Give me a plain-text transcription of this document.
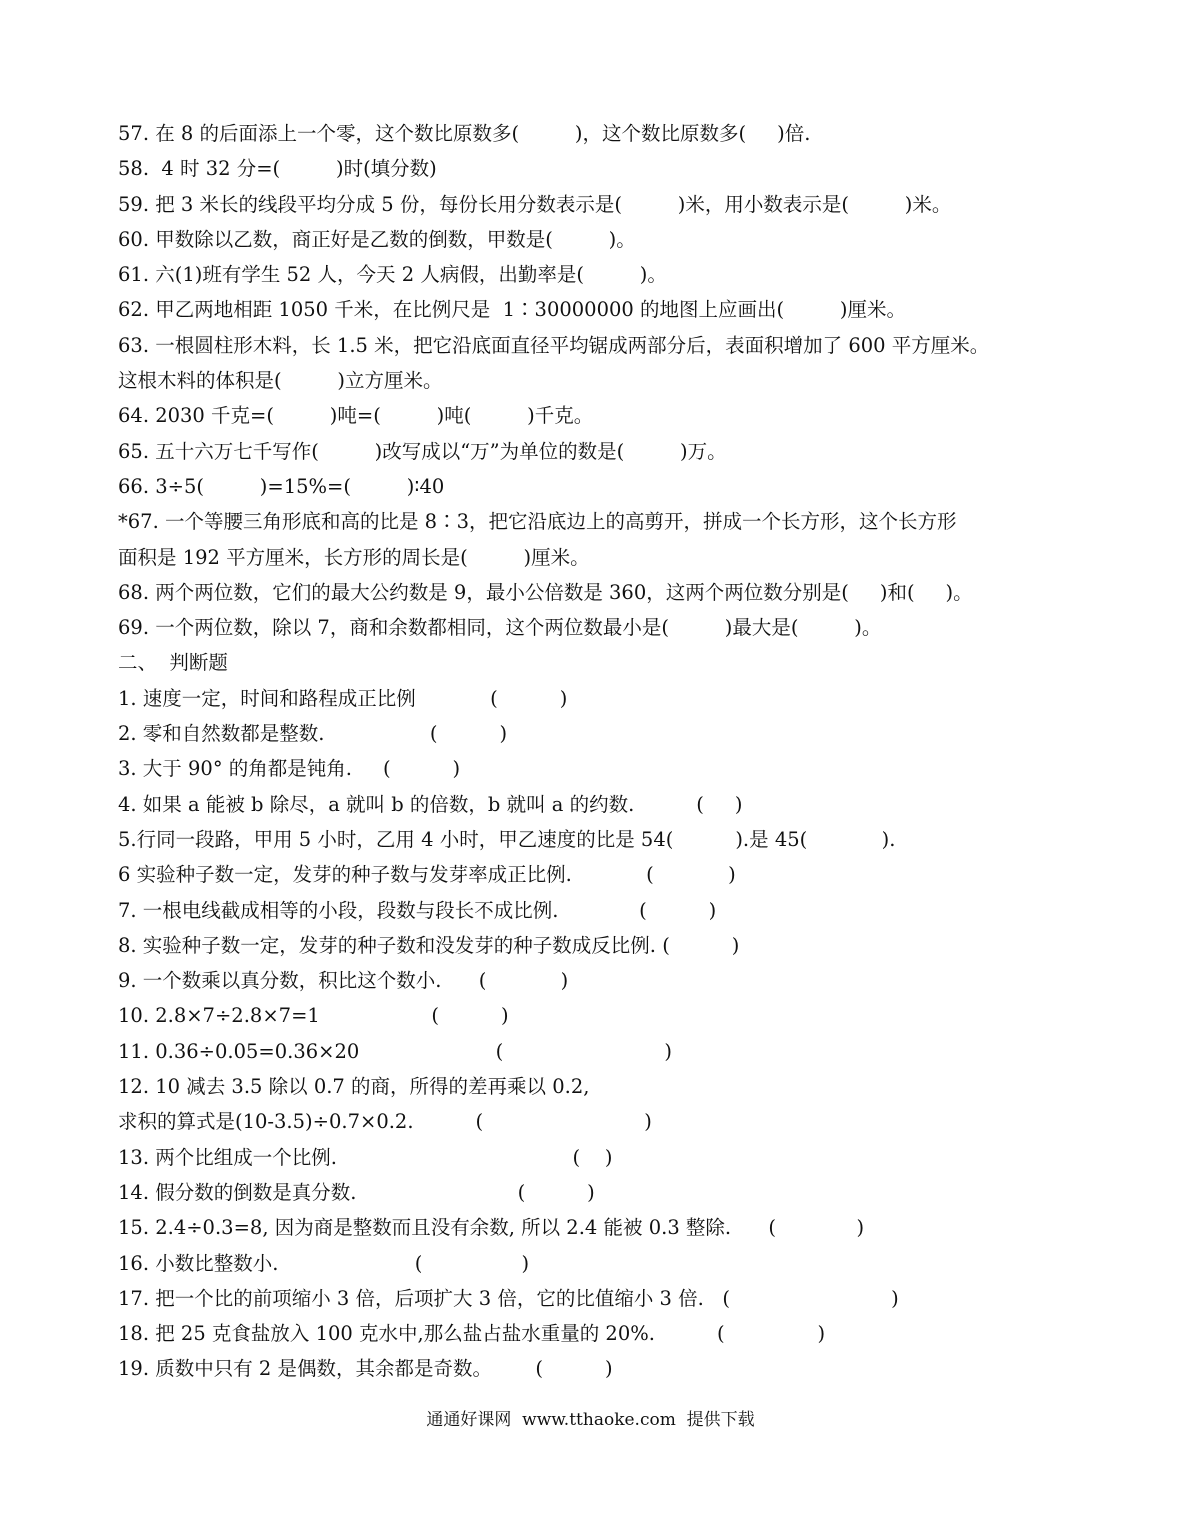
57. 在 8 的后面添上一个零，这个数比原数多(         )，这个数比原数多(     )倍.
58.  4 时 32 分=(         )时(填分数)
59. 把 3 米长的线段平均分成 5 份，每份长用分数表示是(         )米，用小数表示是(         )米。
60. 甲数除以乙数，商正好是乙数的倒数，甲数是(         )。
61. 六(1)班有学生 52 人，今天 2 人病假，出勤率是(         )。
62. 甲乙两地相距 1050 千米，在比例尺是  1∶30000000 的地图上应画出(         )厘米。
63. 一根圆柱形木料，长 1.5 米，把它沿底面直径平均锯成两部分后，表面积增加了 600 平方厘米。
这根木料的体积是(         )立方厘米。
64. 2030 千克=(         )吨=(         )吨(         )千克。
65. 五十六万七千写作(         )改写成以“万”为单位的数是(         )万。
66. 3÷5(         )=15%=(         )∶40
*67. 一个等腰三角形底和高的比是 8∶3，把它沿底边上的高剪开，拼成一个长方形，这个长方形
面积是 192 平方厘米，长方形的周长是(         )厘米。
68. 两个两位数，它们的最大公约数是 9，最小公倍数是 360，这两个两位数分别是(     )和(     )。
69. 一个两位数，除以 7，商和余数都相同，这个两位数最小是(         )最大是(         )。
二、  判断题
1. 速度一定，时间和路程成正比例            (          )
2. 零和自然数都是整数.                 (          )
3. 大于 90° 的角都是钝角.     (          )
4. 如果 a 能被 b 除尽，a 就叫 b 的倍数，b 就叫 a 的约数.          (     )
5.行同一段路，甲用 5 小时，乙用 4 小时，甲乙速度的比是 54(          ).是 45(            ).
6 实验种子数一定，发芽的种子数与发芽率成正比例.            (            )
7. 一根电线截成相等的小段，段数与段长不成比例.             (          )
8. 实验种子数一定，发芽的种子数和没发芽的种子数成反比例. (          )
9. 一个数乘以真分数，积比这个数小.      (            )
10. 2.8×7÷2.8×7=1                  (          )
11. 0.36÷0.05=0.36×20                      (                          )
12. 10 减去 3.5 除以 0.7 的商，所得的差再乘以 0.2,
求积的算式是(10-3.5)÷0.7×0.2.          (                          )
13. 两个比组成一个比例.                                      (    )
14. 假分数的倒数是真分数.                          (          )
15. 2.4÷0.3=8, 因为商是整数而且没有余数, 所以 2.4 能被 0.3 整除.      (             )
16. 小数比整数小.                      (                )
17. 把一个比的前项缩小 3 倍，后项扩大 3 倍，它的比值缩小 3 倍.   (                          )
18. 把 25 克食盐放入 100 克水中,那么盐占盐水重量的 20%.          (               )
19. 质数中只有 2 是偶数，其余都是奇数。       (          )
通通好课网  www.tthaoke.com  提供下载
